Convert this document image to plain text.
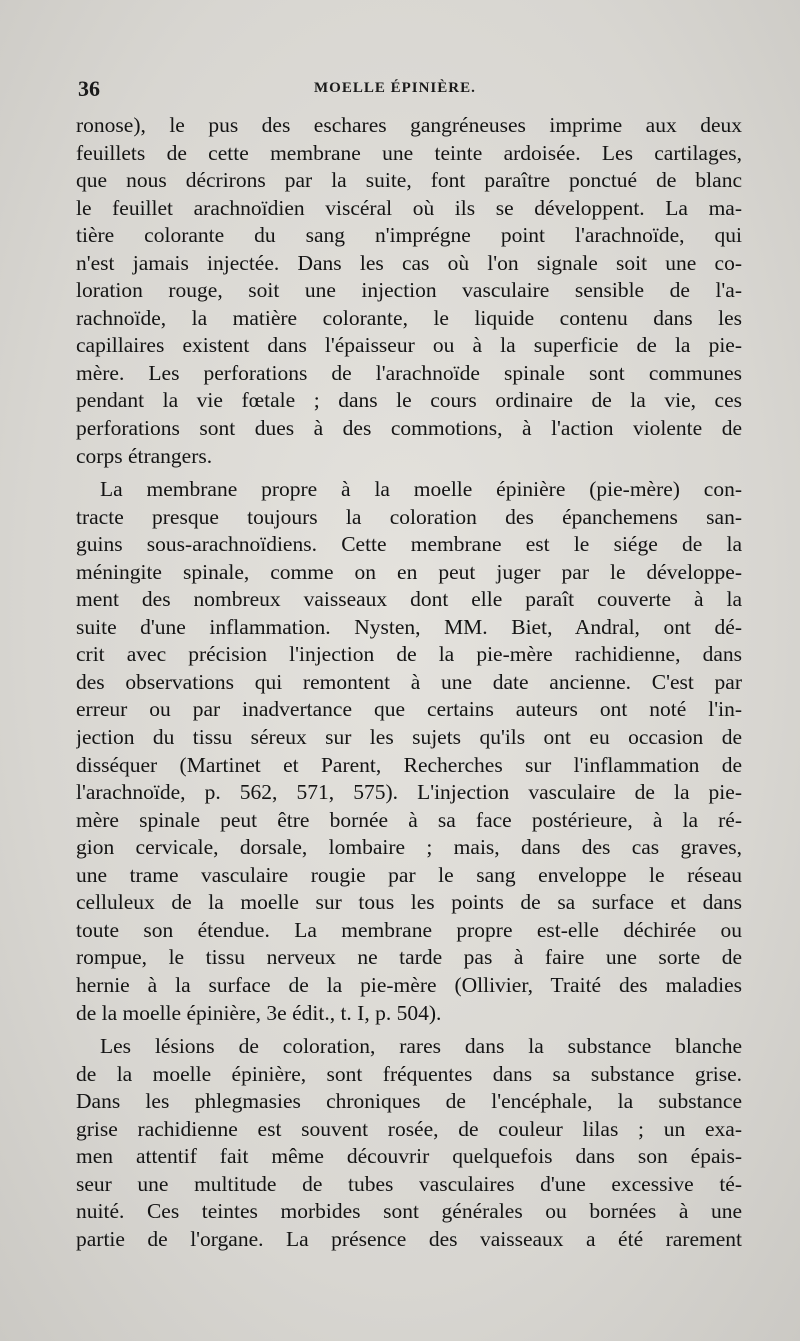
36	MOELLE ÉPINIÈRE.
ronose), le pus des eschares gangréneuses imprime aux deux
feuillets de cette membrane une teinte ardoisée. Les cartilages,
que nous décrirons par la suite, font paraître ponctué de blanc
le feuillet arachnoïdien viscéral où ils se développent. La ma-
tière colorante du sang n'imprégne point l'arachnoïde, qui
n'est jamais injectée. Dans les cas où l'on signale soit une co-
loration rouge, soit une injection vasculaire sensible de l'a-
rachnoïde, la matière colorante, le liquide contenu dans les
capillaires existent dans l'épaisseur ou à la superficie de la pie-
mère. Les perforations de l'arachnoïde spinale sont communes
pendant la vie fœtale ; dans le cours ordinaire de la vie, ces
perforations sont dues à des commotions, à l'action violente de
corps étrangers.
La membrane propre à la moelle épinière (pie-mère) con-
tracte presque toujours la coloration des épanchemens san-
guins sous-arachnoïdiens. Cette membrane est le siége de la
méningite spinale, comme on en peut juger par le développe-
ment des nombreux vaisseaux dont elle paraît couverte à la
suite d'une inflammation. Nysten, MM. Biet, Andral, ont dé-
crit avec précision l'injection de la pie-mère rachidienne, dans
des observations qui remontent à une date ancienne. C'est par
erreur ou par inadvertance que certains auteurs ont noté l'in-
jection du tissu séreux sur les sujets qu'ils ont eu occasion de
disséquer (Martinet et Parent, Recherches sur l'inflammation de
l'arachnoïde, p. 562, 571, 575). L'injection vasculaire de la pie-
mère spinale peut être bornée à sa face postérieure, à la ré-
gion cervicale, dorsale, lombaire ; mais, dans des cas graves,
une trame vasculaire rougie par le sang enveloppe le réseau
celluleux de la moelle sur tous les points de sa surface et dans
toute son étendue. La membrane propre est-elle déchirée ou
rompue, le tissu nerveux ne tarde pas à faire une sorte de
hernie à la surface de la pie-mère (Ollivier, Traité des maladies
de la moelle épinière, 3e édit., t. I, p. 504).
Les lésions de coloration, rares dans la substance blanche
de la moelle épinière, sont fréquentes dans sa substance grise.
Dans les phlegmasies chroniques de l'encéphale, la substance
grise rachidienne est souvent rosée, de couleur lilas ; un exa-
men attentif fait même découvrir quelquefois dans son épais-
seur une multitude de tubes vasculaires d'une excessive té-
nuité. Ces teintes morbides sont générales ou bornées à une
partie de l'organe. La présence des vaisseaux a été rarement
